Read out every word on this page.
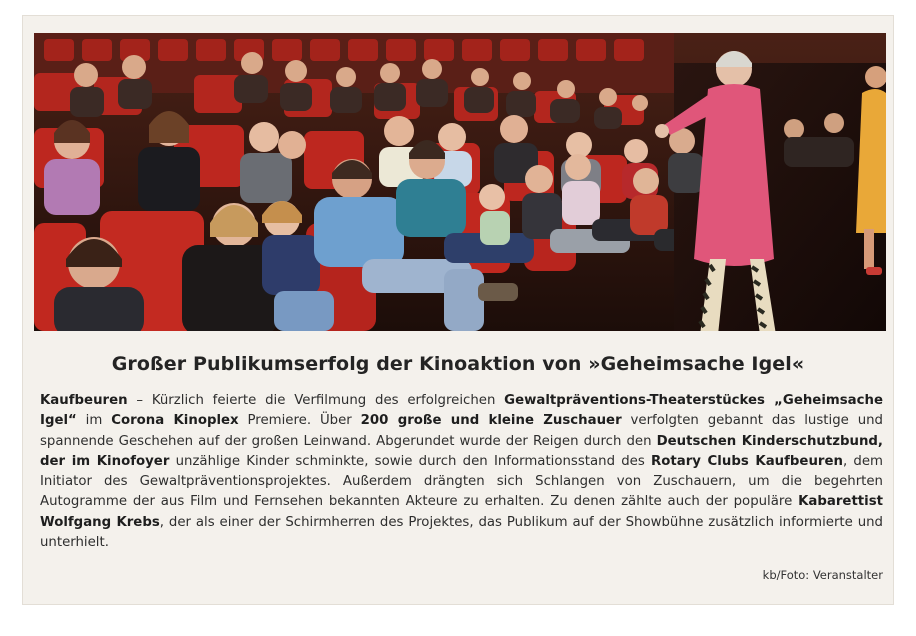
Großer Publikumserfolg der Kinoaktion von »Geheimsache Igel«
Kaufbeuren – Kürzlich feierte die Verfilmung des erfolgreichen Gewaltpräventions-Theaterstückes „Geheimsache Igel“ im Corona Kinoplex Premiere. Über 200 große und kleine Zuschauer verfolgten gebannt das lustige und spannende Geschehen auf der großen Leinwand. Abgerundet wurde der Reigen durch den Deutschen Kinderschutzbund, der im Kinofoyer unzählige Kinder schminkte, sowie durch den Informationsstand des Rotary Clubs Kaufbeuren, dem Initiator des Gewaltpräventionsprojektes. Außerdem drängten sich Schlangen von Zuschauern, um die begehrten Autogramme der aus Film und Fernsehen bekannten Akteure zu erhalten. Zu denen zählte auch der populäre Kabarettist Wolfgang Krebs, der als einer der Schirmherren des Projektes, das Publikum auf der Showbühne zusätzlich informierte und unterhielt.
kb/Foto: Veranstalter
